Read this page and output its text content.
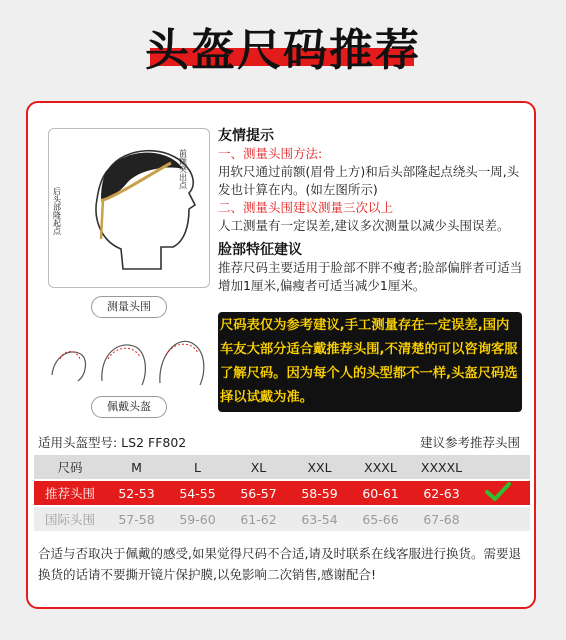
头盔尺码推荐
前额突出点
后头部隆起点
测量头围
佩戴头盔
友情提示
一、测量头围方法:
用软尺通过前额(眉骨上方)和后头部隆起点绕头一周,头发也计算在内。(如左图所示)
二、测量头围建议测量三次以上
人工测量有一定误差,建议多次测量以减少头围误差。
脸部特征建议
推荐尺码主要适用于脸部不胖不瘦者;脸部偏胖者可适当增加1厘米,偏瘦者可适当减少1厘米。
尺码表仅为参考建议,手工测量存在一定误差,国内车友大部分适合戴推荐头围,不清楚的可以咨询客服了解尺码。因为每个人的头型都不一样,头盔尺码选择以试戴为准。
适用头盔型号: LS2 FF802	建议参考推荐头围
尺码	M	L	XL	XXL	XXXL	XXXXL
推荐头围	52-53	54-55	56-57	58-59	60-61	62-63
国际头围	57-58	59-60	61-62	63-54	65-66	67-68
合适与否取决于佩戴的感受,如果觉得尺码不合适,请及时联系在线客服进行换货。需要退换货的话请不要撕开镜片保护膜,以免影响二次销售,感谢配合!
